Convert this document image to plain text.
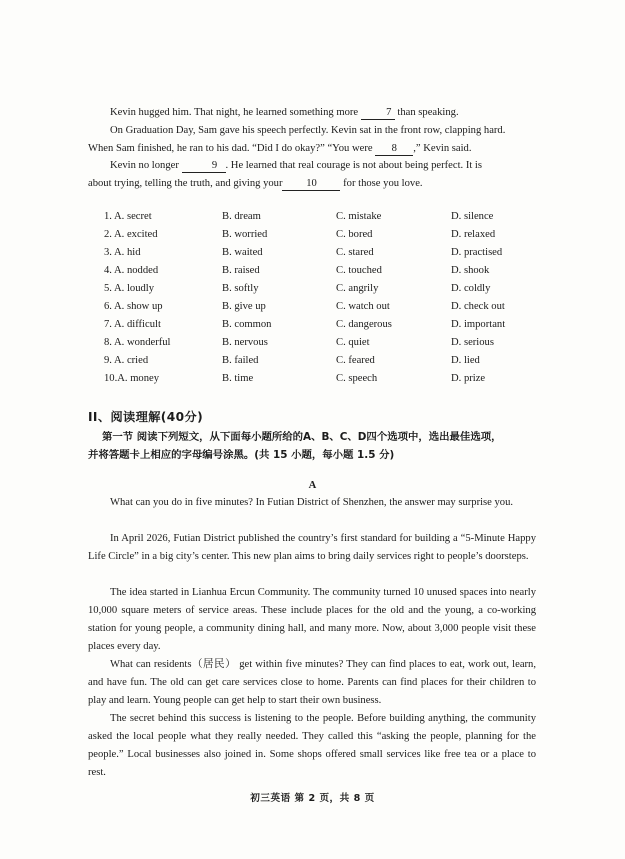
Kevin hugged him. That night, he learned something more 7 than speaking.
On Graduation Day, Sam gave his speech perfectly. Kevin sat in the front row, clapping hard.
When Sam finished, he ran to his dad. “Did I do okay?” “You were 8 ,” Kevin said.
Kevin no longer	9 . He learned that real courage is not about being perfect. It is
about trying, telling the truth, and giving your 10 for those you love.
1. A. secret	B. dream	C. mistake	D. silence
2. A. excited	B. worried	C. bored	D. relaxed
3. A. hid	B. waited	C. stared	D. practised
4. A. nodded	B. raised	C. touched	D. shook
5. A. loudly	B. softly	C. angrily	D. coldly
6. A. show up	B. give up	C. watch out	D. check out
7. A. difficult	B. common	C. dangerous	D. important
8. A. wonderful	B. nervous	C. quiet	D. serious
9. A. cried	B. failed	C. feared	D. lied
10.A. money	B. time	C. speech	D. prize
II、阅读理解(40分)
第一节 阅读下列短文，从下面每小题所给的A、B、C、D四个选项中，选出最佳选项，
并将答题卡上相应的字母编号涂黑。(共 15 小题，每小题 1.5 分)
A
What can you do in five minutes? In Futian District of Shenzhen, the answer may surprise you.
In April 2026, Futian District published the country’s first standard for building a “5-Minute Happy Life Circle” in a big city’s center. This new plan aims to bring daily services right to people’s doorsteps.
The idea started in Lianhua Ercun Community. The community turned 10 unused spaces into nearly 10,000 square meters of service areas. These include places for the old and the young, a co-working station for young people, a community dining hall, and many more. Now, about 3,000 people visit these places every day.
What can residents（居民） get within five minutes? They can find places to eat, work out, learn, and have fun. The old can get care services close to home. Parents can find places for their children to play and learn. Young people can get help to start their own business.
The secret behind this success is listening to the people. Before building anything, the community asked the local people what they really needed. They called this “asking the people, planning for the people.” Local businesses also joined in. Some shops offered small services like free tea or a place to rest.
初三英语 第 2 页，共 8 页
